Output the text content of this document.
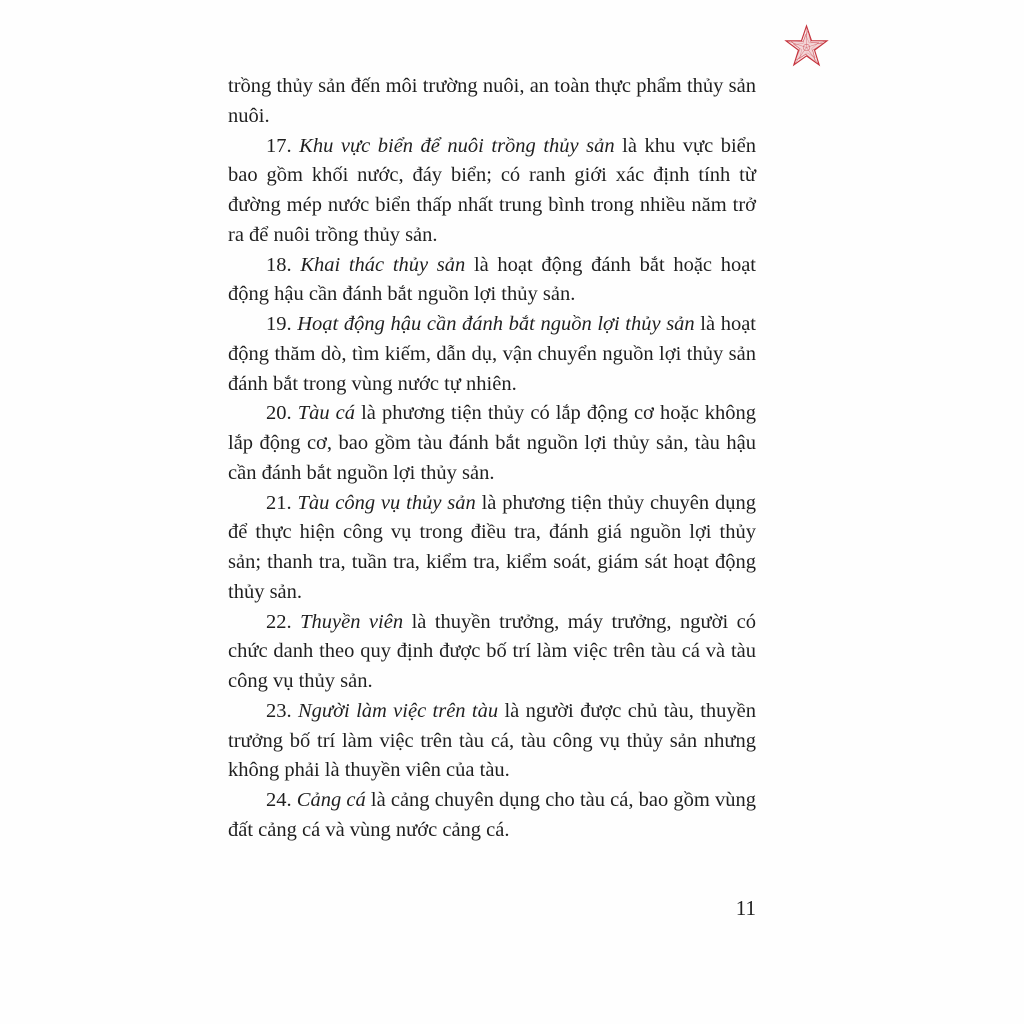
trồng thủy sản đến môi trường nuôi, an toàn thực phẩm thủy sản nuôi.

17. Khu vực biển để nuôi trồng thủy sản là khu vực biển bao gồm khối nước, đáy biển; có ranh giới xác định tính từ đường mép nước biển thấp nhất trung bình trong nhiều năm trở ra để nuôi trồng thủy sản.

18. Khai thác thủy sản là hoạt động đánh bắt hoặc hoạt động hậu cần đánh bắt nguồn lợi thủy sản.

19. Hoạt động hậu cần đánh bắt nguồn lợi thủy sản là hoạt động thăm dò, tìm kiếm, dẫn dụ, vận chuyển nguồn lợi thủy sản đánh bắt trong vùng nước tự nhiên.

20. Tàu cá là phương tiện thủy có lắp động cơ hoặc không lắp động cơ, bao gồm tàu đánh bắt nguồn lợi thủy sản, tàu hậu cần đánh bắt nguồn lợi thủy sản.

21. Tàu công vụ thủy sản là phương tiện thủy chuyên dụng để thực hiện công vụ trong điều tra, đánh giá nguồn lợi thủy sản; thanh tra, tuần tra, kiểm tra, kiểm soát, giám sát hoạt động thủy sản.

22. Thuyền viên là thuyền trưởng, máy trưởng, người có chức danh theo quy định được bố trí làm việc trên tàu cá và tàu công vụ thủy sản.

23. Người làm việc trên tàu là người được chủ tàu, thuyền trưởng bố trí làm việc trên tàu cá, tàu công vụ thủy sản nhưng không phải là thuyền viên của tàu.

24. Cảng cá là cảng chuyên dụng cho tàu cá, bao gồm vùng đất cảng cá và vùng nước cảng cá.

11
